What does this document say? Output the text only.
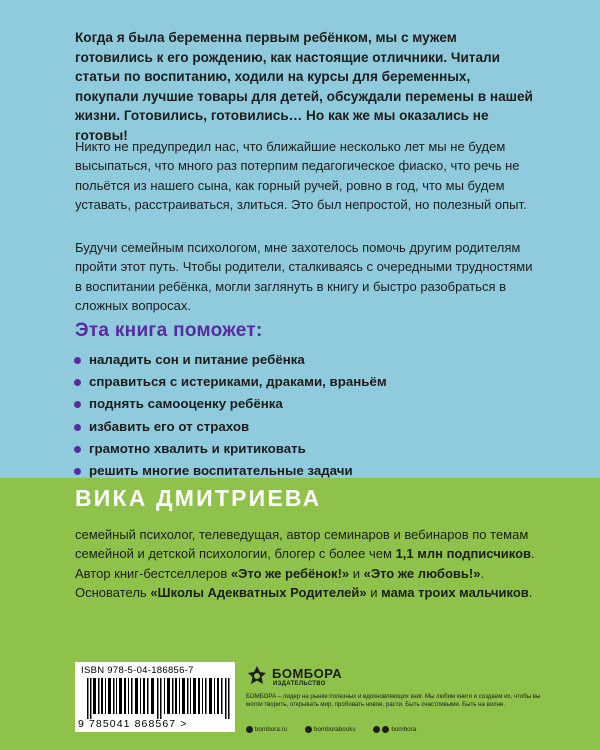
Когда я была беременна первым ребёнком, мы с мужем готовились к его рождению, как настоящие отличники. Читали статьи по воспитанию, ходили на курсы для беременных, покупали лучшие товары для детей, обсуждали перемены в нашей жизни. Готовились, готовились… Но как же мы оказались не готовы!

Никто не предупредил нас, что ближайшие несколько лет мы не будем высыпаться, что много раз потерпим педагогическое фиаско, что речь не польётся из нашего сына, как горный ручей, ровно в год, что мы будем уставать, расстраиваться, злиться. Это был непростой, но полезный опыт.

Будучи семейным психологом, мне захотелось помочь другим родителям пройти этот путь. Чтобы родители, сталкиваясь с очередными трудностями в воспитании ребёнка, могли заглянуть в книгу и быстро разобраться в сложных вопросах.

Эта книга поможет:
наладить сон и питание ребёнка
справиться с истериками, драками, враньём
поднять самооценку ребёнка
избавить его от страхов
грамотно хвалить и критиковать
решить многие воспитательные задачи
ВИКА ДМИТРИЕВА

семейный психолог, телеведущая, автор семинаров и вебинаров по темам семейной и детской психологии, блогер с более чем 1,1 млн подписчиков. Автор книг-бестселлеров «Это же ребёнок!» и «Это же любовь!». Основатель «Школы Адекватных Родителей» и мама троих мальчиков.

ISBN 978-5-04-186856-7
9 785041 868567 >
БОМБОРА
ИЗДАТЕЛЬСТВО

БОМБОРА – лидер на рынке полезных и вдохновляющих книг. Мы любим книги и создаем их, чтобы вы могли творить, открывать мир, пробовать новое, расти. Быть счастливыми. Быть на волне.

bombora.ru
	bomborabooks
	bombora
